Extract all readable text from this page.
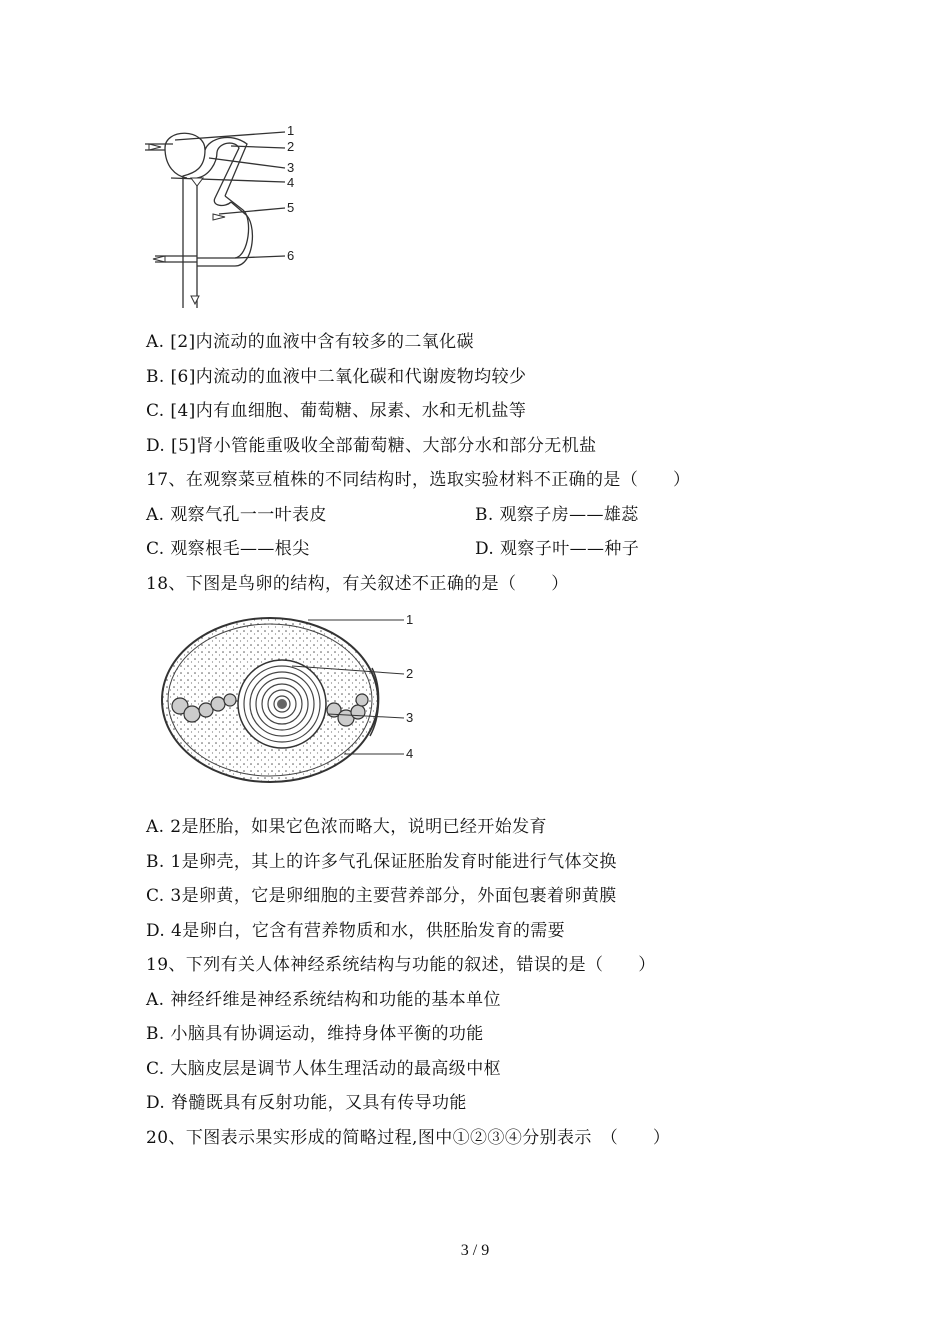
1
2
3
4
5
6
A. [2]内流动的血液中含有较多的二氧化碳
B. [6]内流动的血液中二氧化碳和代谢废物均较少
C. [4]内有血细胞、葡萄糖、尿素、水和无机盐等
D. [5]肾小管能重吸收全部葡萄糖、大部分水和部分无机盐
17、在观察菜豆植株的不同结构时，选取实验材料不正确的是（　　）
A. 观察气孔一一叶表皮	B. 观察子房——雄蕊
C. 观察根毛——根尖	D. 观察子叶——种子
18、下图是鸟卵的结构，有关叙述不正确的是（　　）
1
2
3
4
A. 2是胚胎，如果它色浓而略大，说明已经开始发育
B. 1是卵壳，其上的许多气孔保证胚胎发育时能进行气体交换
C. 3是卵黄，它是卵细胞的主要营养部分，外面包裹着卵黄膜
D. 4是卵白，它含有营养物质和水，供胚胎发育的需要
19、下列有关人体神经系统结构与功能的叙述，错误的是（　　）
A. 神经纤维是神经系统结构和功能的基本单位
B. 小脑具有协调运动，维持身体平衡的功能
C. 大脑皮层是调节人体生理活动的最高级中枢
D. 脊髓既具有反射功能，又具有传导功能
20、下图表示果实形成的简略过程,图中①②③④分别表示　（　　）
3 / 9
